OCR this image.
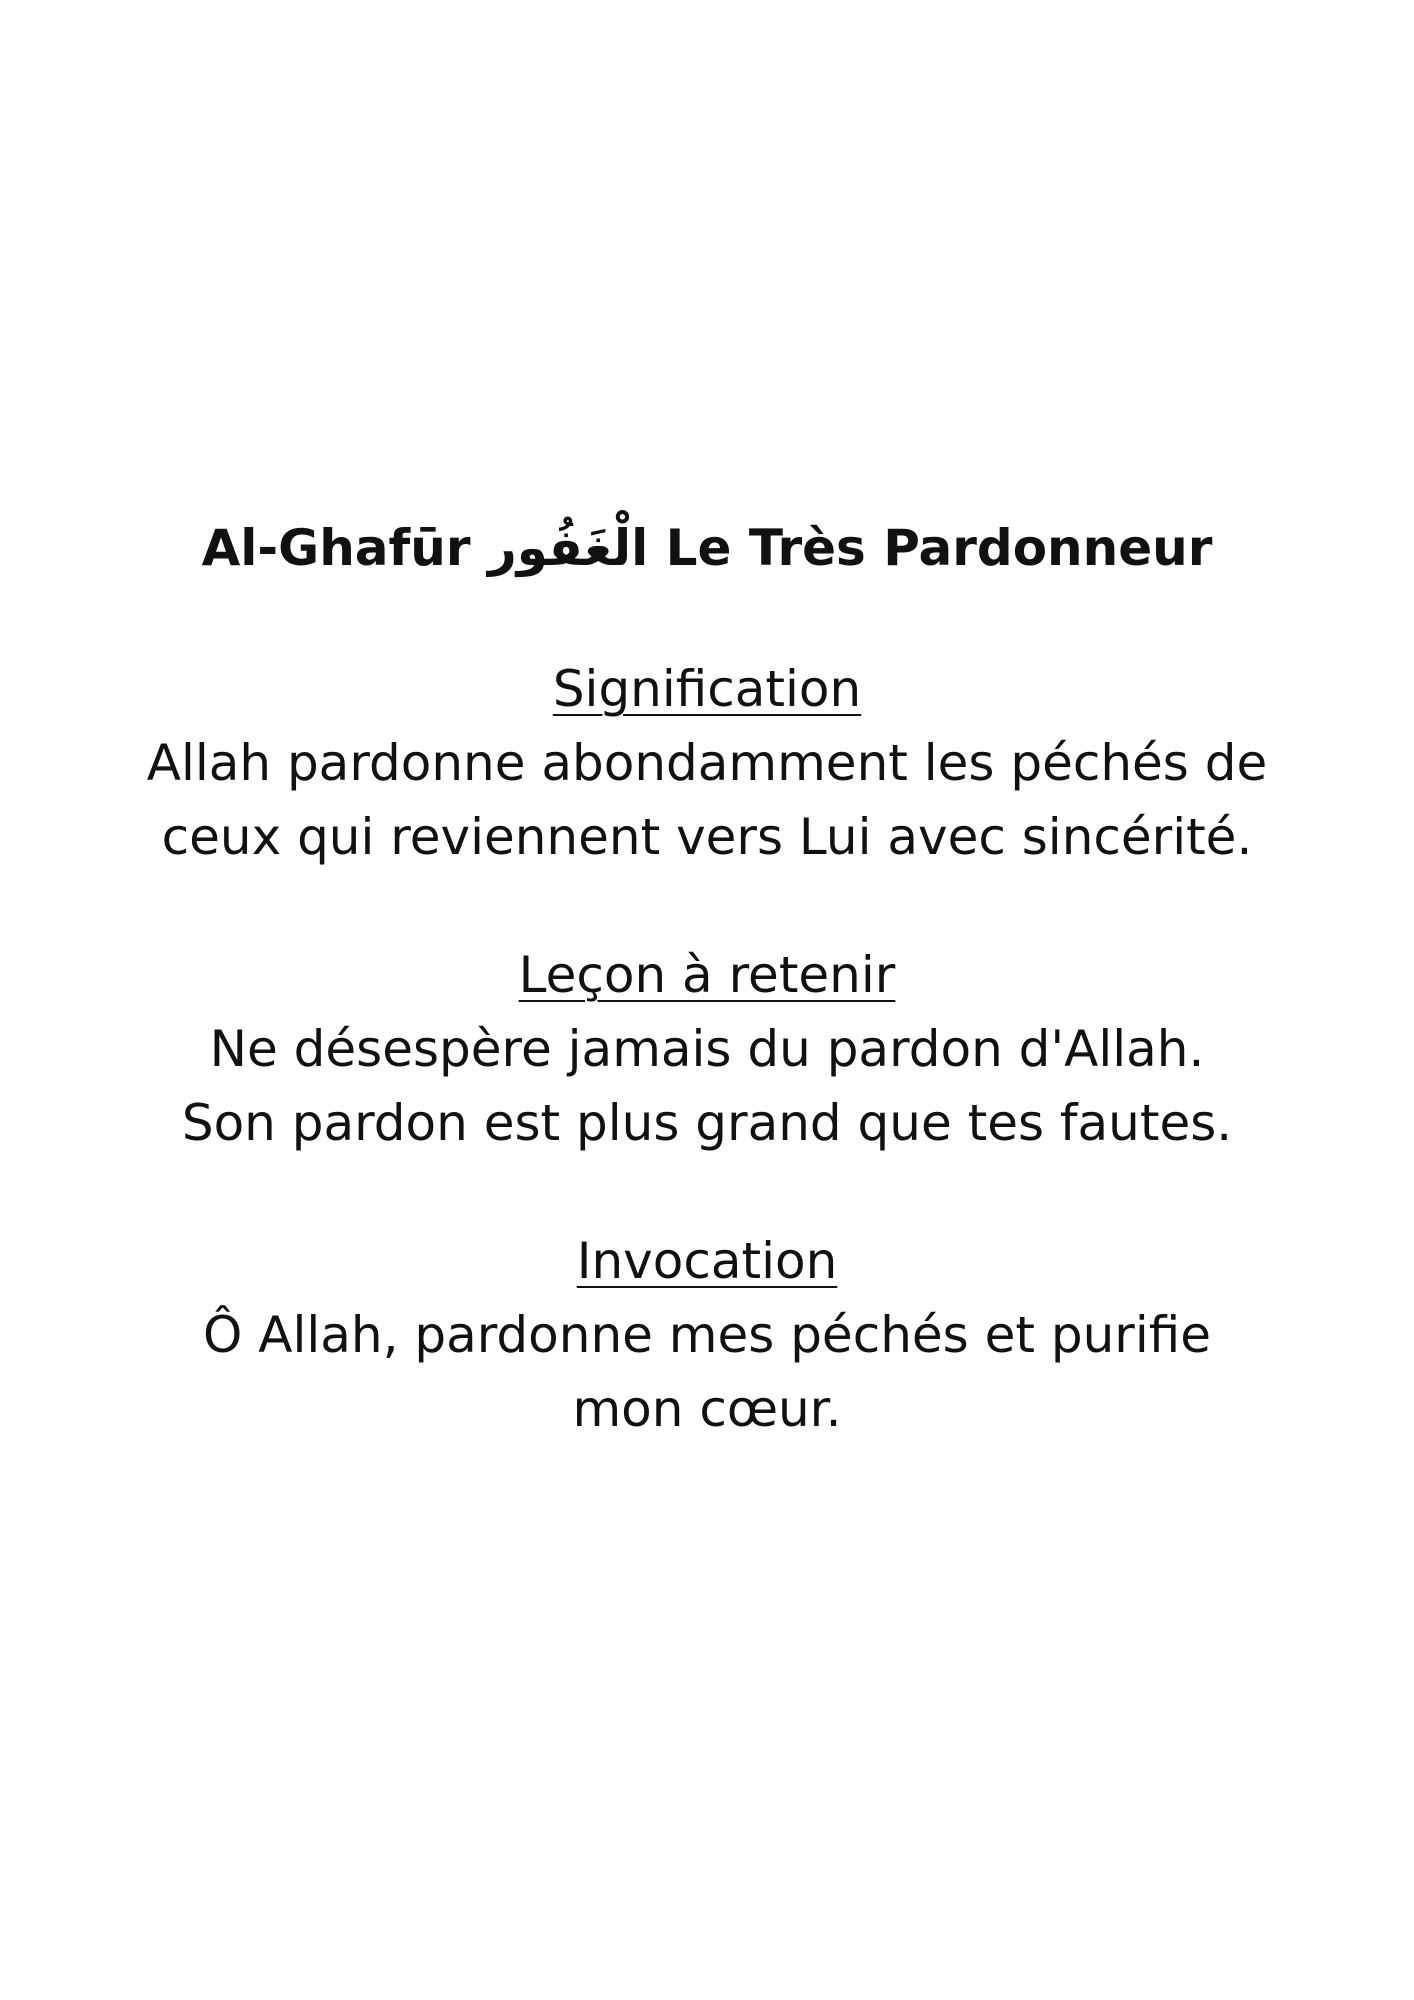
Al-Ghafūr الْغَفُور Le Très Pardonneur
Signification

Allah pardonne abondamment les péchés de

ceux qui reviennent vers Lui avec sincérité.

Leçon à retenir

Ne désespère jamais du pardon d'Allah.

Son pardon est plus grand que tes fautes.

Invocation

Ô Allah, pardonne mes péchés et purifie

mon cœur.
